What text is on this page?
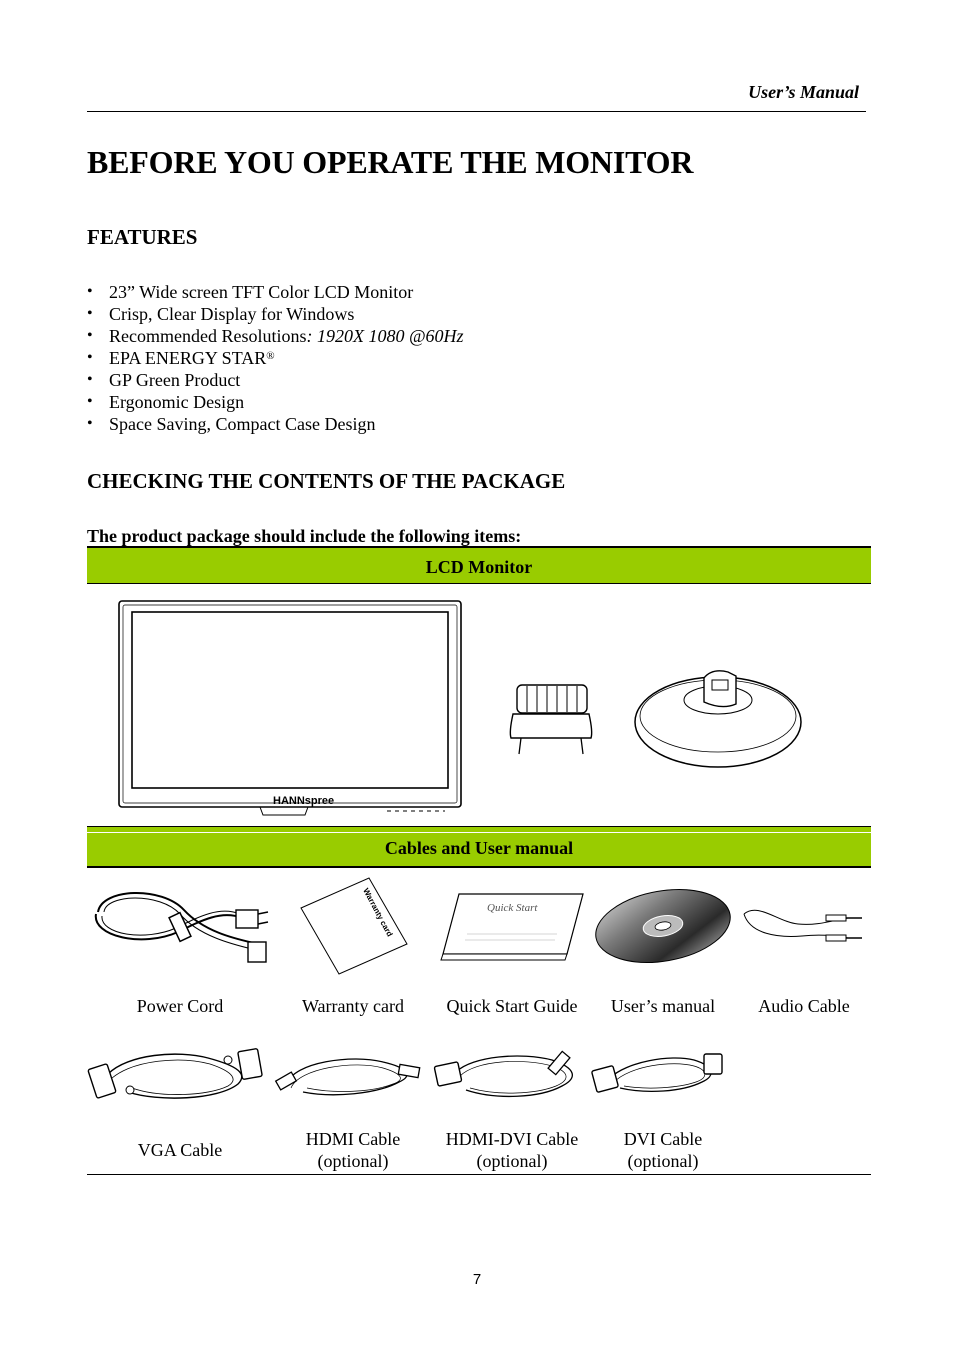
User’s Manual
BEFORE YOU OPERATE THE MONITOR
FEATURES
• 23” Wide screen TFT Color LCD Monitor
• Crisp, Clear Display for Windows
• Recommended Resolutions: 1920X 1080 @60Hz
• EPA ENERGY STAR®
• GP Green Product
• Ergonomic Design
• Space Saving, Compact Case Design
CHECKING THE CONTENTS OF THE PACKAGE
The product package should include the following items:
LCD Monitor
HANNspree
Cables and User manual
Warranty card	Quick Start
Power Cord	Warranty card	Quick Start Guide	User’s manual	Audio Cable
VGA Cable
HDMI Cable
(optional)
HDMI-DVI Cable
(optional)
DVI Cable
(optional)
7
